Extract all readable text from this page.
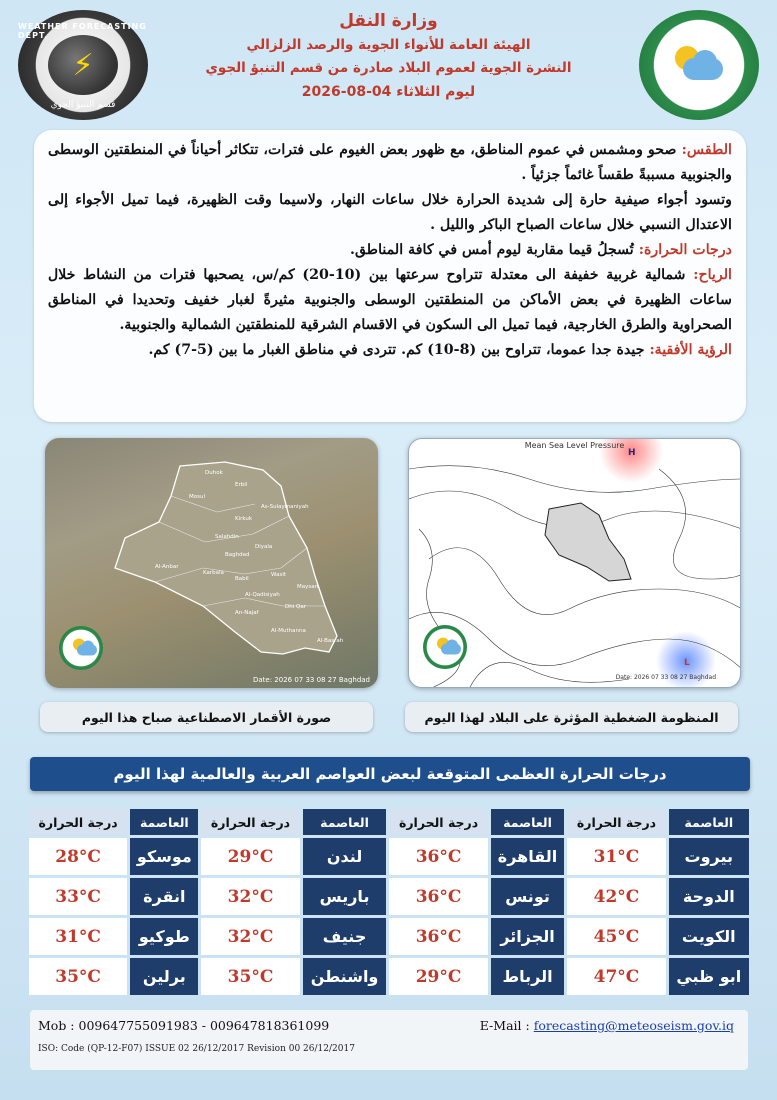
WEATHER FORECASTING DEPT.
⚡
قسم التنبؤ الجوي
وزارة النقل
الهيئة العامة للأنواء الجوية والرصد الزلزالي
النشرة الجوية لعموم البلاد صادرة من قسم التنبؤ الجوي
ليوم الثلاثاء 04-08-2026

الطقس: صحو ومشمس في عموم المناطق، مع ظهور بعض الغيوم على فترات، تتكاثر أحياناً في المنطقتين الوسطى والجنوبية مسببةً طقساً غائماً جزئياً .

وتسود أجواء صيفية حارة إلى شديدة الحرارة خلال ساعات النهار، ولاسيما وقت الظهيرة، فيما تميل الأجواء إلى الاعتدال النسبي خلال ساعات الصباح الباكر والليل .

درجات الحرارة: تُسجلُ قيما مقاربة ليوم أمس في كافة المناطق.

الرياح: شمالية غربية خفيفة الى معتدلة تتراوح سرعتها بين (10-20) كم/س، يصحبها فترات من النشاط خلال ساعات الظهيرة في بعض الأماكن من المنطقتين الوسطى والجنوبية مثيرةً لغبار خفيف وتحديدا في المناطق الصحراوية والطرق الخارجية، فيما تميل الى السكون في الاقسام الشرقية للمنطقتين الشمالية والجنوبية.

الرؤية الأفقية: جيدة جدا عموما، تتراوح بين (8-10) كم. تتردى في مناطق الغبار ما بين (5-7) كم.

Duhok
Erbil
Mosul
As-Sulaymaniyah
Kirkuk
Salahdin
Diyala
Baghdad
Al-Anbar
Karbala
Babil
Wasit
Al-Qadisiyah
Maysan
An-Najaf
Dhi Qar
Al-Muthanna
Al-Basrah
Date: 2026 07 33 08 27 Baghdad
Mean Sea Level Pressure
H
L
Date: 2026 07 33 08 27 Baghdad
صورة الأقمار الاصطناعية صباح هذا اليوم	المنظومة الضغطية المؤثرة على البلاد لهذا اليوم
درجات الحرارة العظمى المتوقعة لبعض العواصم العربية والعالمية لهذا اليوم
العاصمة	درجة الحرارة	العاصمة	درجة الحرارة	العاصمة	درجة الحرارة	العاصمة	درجة الحرارة
بيروت	31°C	القاهرة	36°C	لندن	29°C	موسكو	28°C
الدوحة	42°C	تونس	36°C	باريس	32°C	انقرة	33°C
الكويت	45°C	الجزائر	36°C	جنيف	32°C	طوكيو	31°C
ابو ظبي	47°C	الرباط	29°C	واشنطن	35°C	برلين	35°C
Mob : 009647755091983 - 009647818361099	E-Mail : forecasting@meteoseism.gov.iq
ISO: Code (QP-12-F07) ISSUE 02 26/12/2017 Revision 00 26/12/2017
